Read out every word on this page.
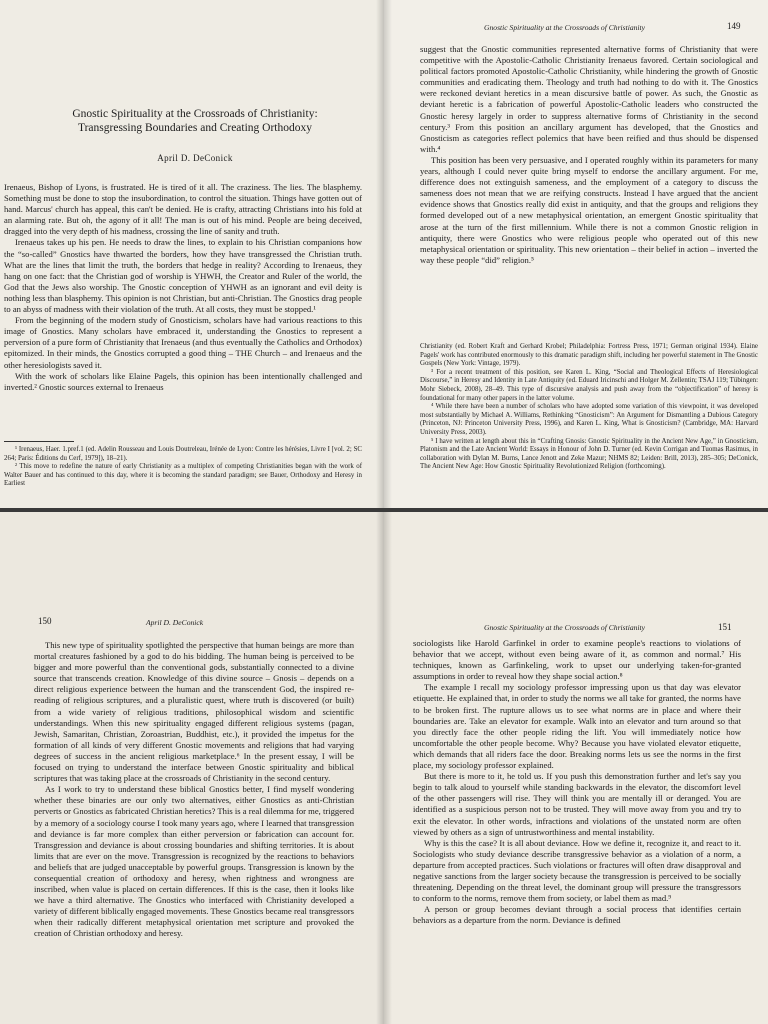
Gnostic Spirituality at the Crossroads of Christianity:
Transgressing Boundaries and Creating Orthodoxy
April D. DeConick

Irenaeus, Bishop of Lyons, is frustrated. He is tired of it all. The craziness. The lies. The blasphemy. Something must be done to stop the insubordination, to control the situation. Things have gotten out of hand. Marcus' church has appeal, this can't be denied. He is crafty, attracting Christians into his fold at an alarming rate. But oh, the agony of it all! The man is out of his mind. People are being deceived, dragged into the very depth of his madness, crossing the line of sanity and truth.

Irenaeus takes up his pen. He needs to draw the lines, to explain to his Christian companions how the “so-called” Gnostics have thwarted the borders, how they have transgressed the Christian truth. What are the lines that limit the truth, the borders that hedge in reality? According to Irenaeus, they hang on one fact: that the Christian god of worship is YHWH, the Creator and Ruler of the world, the God that the Jews also worship. The Gnostic conception of YHWH as an ignorant and evil deity is nothing less than blasphemy. This opinion is not Christian, but anti-Christian. The Gnostics drag people to an abyss of madness with their violation of the truth. At all costs, they must be stopped.¹

From the beginning of the modern study of Gnosticism, scholars have had various reactions to this image of Gnostics. Many scholars have embraced it, understanding the Gnostics to represent a perversion of a pure form of Christianity that Irenaeus (and thus eventually the Catholics and Orthodox) epitomized. In their minds, the Gnostics corrupted a good thing – THE Church – and Irenaeus and the other heresiologists saved it.

With the work of scholars like Elaine Pagels, this opinion has been intentionally challenged and inverted.² Gnostic sources external to Irenaeus

¹ Irenaeus, Haer. 1.pref.1 (ed. Adelin Rousseau and Louis Doutreleau, Irénée de Lyon: Contre les hérésies, Livre I [vol. 2; SC 264; Paris: Éditions du Cerf, 1979]), 18–21).

² This move to redefine the nature of early Christianity as a multiplex of competing Christianities began with the work of Walter Bauer and has continued to this day, where it is becoming the standard paradigm; see Bauer, Orthodoxy and Heresy in Earliest

Gnostic Spirituality at the Crossroads of Christianity	149

suggest that the Gnostic communities represented alternative forms of Christianity that were competitive with the Apostolic-Catholic Christianity Irenaeus favored. Certain sociological and political factors promoted Apostolic-Catholic Christianity, while hindering the growth of Gnostic communities and eradicating them. Theology and truth had nothing to do with it. The Gnostics were reckoned deviant heretics in a mean discursive battle of power. As such, the Gnostic as deviant heretic is a fabrication of powerful Apostolic-Catholic leaders who constructed the Gnostic heresy largely in order to suppress alternative forms of Christianity in the second century.³ From this position an ancillary argument has developed, that the Gnostics and Gnosticism as categories reflect polemics that have been reified and thus should be dispensed with.⁴

This position has been very persuasive, and I operated roughly within its parameters for many years, although I could never quite bring myself to endorse the ancillary argument. For me, difference does not extinguish sameness, and the employment of a category to discuss the sameness does not mean that we are reifying constructs. Instead I have argued that the ancient evidence shows that Gnostics really did exist in antiquity, and that the groups and religions they formed developed out of a new metaphysical orientation, an emergent Gnostic spirituality that arose at the turn of the first millennium. While there is not a common Gnostic religion in antiquity, there were Gnostics who were religious people who operated out of this new metaphysical orientation or spirituality. This new orientation – their belief in action – inverted the way these people “did” religion.⁵

Christianity (ed. Robert Kraft and Gerhard Krobel; Philadelphia: Fortress Press, 1971; German original 1934). Elaine Pagels' work has contributed enormously to this dramatic paradigm shift, including her powerful statement in The Gnostic Gospels (New York: Vintage, 1979).

³ For a recent treatment of this position, see Karen L. King, “Social and Theological Effects of Heresiological Discourse,” in Heresy and Identity in Late Antiquity (ed. Eduard Iricinschi and Holger M. Zellentin; TSAJ 119; Tübingen: Mohr Siebeck, 2008), 28–49. This type of discursive analysis and push away from the “objectification” of heresy is foundational for many other papers in the latter volume.

⁴ While there have been a number of scholars who have adopted some variation of this viewpoint, it was developed most substantially by Michael A. Williams, Rethinking “Gnosticism”: An Argument for Dismantling a Dubious Category (Princeton, NJ: Princeton University Press, 1996), and Karen L. King, What is Gnosticism? (Cambridge, MA: Harvard University Press, 2003).

⁵ I have written at length about this in “Crafting Gnosis: Gnostic Spirituality in the Ancient New Age,” in Gnosticism, Platonism and the Late Ancient World: Essays in Honour of John D. Turner (ed. Kevin Corrigan and Tuomas Rasimus, in collaboration with Dylan M. Burns, Lance Jenott and Zeke Mazur; NHMS 82; Leiden: Brill, 2013), 285–305; DeConick, The Ancient New Age: How Gnostic Spirituality Revolutionized Religion (forthcoming).

150	April D. DeConick

This new type of spirituality spotlighted the perspective that human beings are more than mortal creatures fashioned by a god to do his bidding. The human being is perceived to be bigger and more powerful than the conventional gods, substantially connected to a divine source that transcends creation. Knowledge of this divine source – Gnosis – depends on a direct religious experience between the human and the transcendent God, the inspired re-reading of religious scriptures, and a pluralistic quest, where truth is discovered (or built) from a wide variety of religious traditions, philosophical wisdom and scientific understandings. When this new spirituality engaged different religious systems (pagan, Jewish, Samaritan, Christian, Zoroastrian, Buddhist, etc.), it provided the impetus for the formation of all kinds of very different Gnostic movements and religions that had varying degrees of success in the ancient religious marketplace.⁶ In the present essay, I will be focused on trying to understand the interface between Gnostic spirituality and biblical scriptures that was taking place at the crossroads of Christianity in the second century.

As I work to try to understand these biblical Gnostics better, I find myself wondering whether these binaries are our only two alternatives, either Gnostics as anti-Christian perverts or Gnostics as fabricated Christian heretics? This is a real dilemma for me, triggered by a memory of a sociology course I took many years ago, where I learned that transgression and deviance is far more complex than either perversion or fabrication can account for. Transgression and deviance is about crossing boundaries and shifting territories. It is about limits that are ever on the move. Transgression is recognized by the reactions to behaviors and beliefs that are judged unacceptable by powerful groups. Transgression is known by the consequential creation of orthodoxy and heresy, when rightness and wrongness are inscribed, when value is placed on certain differences. If this is the case, then it looks like we have a third alternative. The Gnostics who interfaced with Christianity developed a variety of different biblically engaged movements. These Gnostics became real transgressors when their radically different metaphysical orientation met scripture and provoked the creation of Christian orthodoxy and heresy.

Gnostic Spirituality at the Crossroads of Christianity	151

sociologists like Harold Garfinkel in order to examine people's reactions to violations of behavior that we accept, without even being aware of it, as common and normal.⁷ His techniques, known as Garfinkeling, work to upset our underlying taken-for-granted assumptions in order to reveal how they shape social action.⁸

The example I recall my sociology professor impressing upon us that day was elevator etiquette. He explained that, in order to study the norms we all take for granted, the norms have to be broken first. The rupture allows us to see what norms are in place and where their boundaries are. Take an elevator for example. Walk into an elevator and turn around so that you directly face the other people riding the lift. You will immediately notice how uncomfortable the other people become. Why? Because you have violated elevator etiquette, which demands that all riders face the door. Breaking norms lets us see the norms in the first place, my sociology professor explained.

But there is more to it, he told us. If you push this demonstration further and let's say you begin to talk aloud to yourself while standing backwards in the elevator, the discomfort level of the other passengers will rise. They will think you are mentally ill or deranged. You are identified as a suspicious person not to be trusted. They will move away from you and try to exit the elevator. In other words, infractions and violations of the unstated norm are often viewed by others as a sign of untrustworthiness and mental instability.

Why is this the case? It is all about deviance. How we define it, recognize it, and react to it. Sociologists who study deviance describe transgressive behavior as a violation of a norm, a departure from accepted practices. Such violations or fractures will often draw disapproval and negative sanctions from the larger society because the transgression is perceived to be socially threatening. Depending on the threat level, the dominant group will pressure the transgressors to conform to the norms, remove them from society, or label them as mad.⁹

A person or group becomes deviant through a social process that identifies certain behaviors as a departure from the norm. Deviance is defined
